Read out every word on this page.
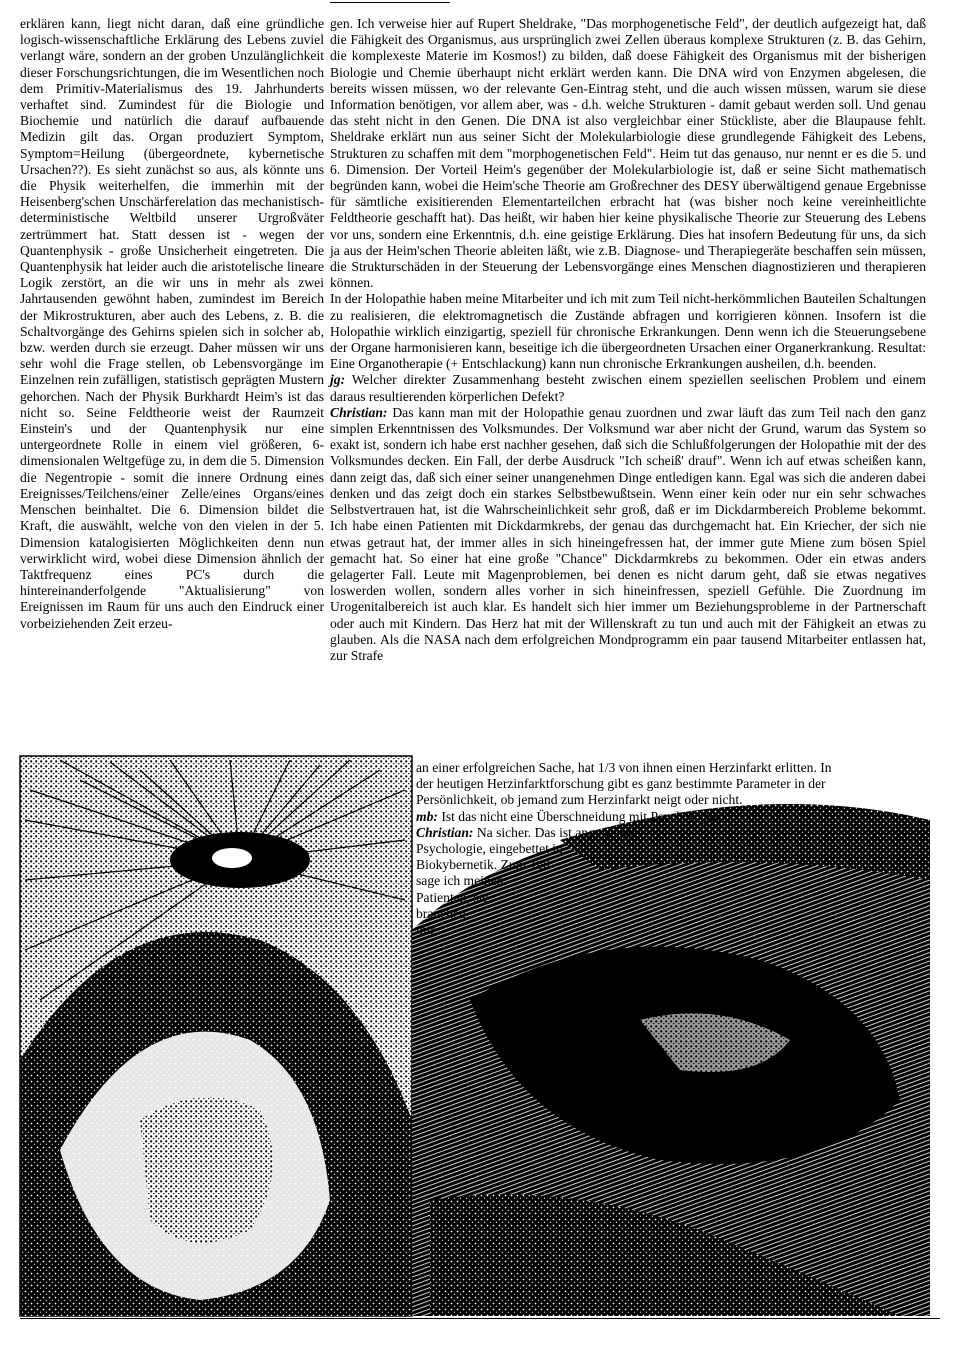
erklären kann, liegt nicht daran, daß eine gründliche logisch-wissenschaftliche Erklärung des Lebens zuviel verlangt wäre, sondern an der groben Unzulänglichkeit dieser Forschungsrichtungen, die im Wesentlichen noch dem Primitiv-Materialismus des 19. Jahrhunderts verhaftet sind. Zumindest für die Biologie und Biochemie und natürlich die darauf aufbauende Medizin gilt das. Organ produziert Symptom, Symptom=Heilung (übergeordnete, kybernetische Ursachen??). Es sieht zunächst so aus, als könnte uns die Physik weiterhelfen, die immerhin mit der Heisenberg'schen Unschärferelation das mechanistisch-deterministische Weltbild unserer Urgroßväter zertrümmert hat. Statt dessen ist - wegen der Quantenphysik - große Unsicherheit eingetreten. Die Quantenphysik hat leider auch die aristotelische lineare Logik zerstört, an die wir uns in mehr als zwei Jahrtausenden gewöhnt haben, zumindest im Bereich der Mikrostrukturen, aber auch des Lebens, z. B. die Schaltvorgänge des Gehirns spielen sich in solcher ab, bzw. werden durch sie erzeugt. Daher müssen wir uns sehr wohl die Frage stellen, ob Lebensvorgänge im Einzelnen rein zufälligen, statistisch geprägten Mustern gehorchen. Nach der Physik Burkhardt Heim's ist das nicht so. Seine Feldtheorie weist der Raumzeit Einstein's und der Quantenphysik nur eine untergeordnete Rolle in einem viel größeren, 6-dimensionalen Weltgefüge zu, in dem die 5. Dimension die Negentropie - somit die innere Ordnung eines Ereignisses/Teilchens/einer Zelle/eines Organs/eines Menschen beinhaltet. Die 6. Dimension bildet die Kraft, die auswählt, welche von den vielen in der 5. Dimension katalogisierten Möglichkeiten denn nun verwirklicht wird, wobei diese Dimension ähnlich der Taktfrequenz eines PC's durch die hintereinanderfolgende "Aktualisierung" von Ereignissen im Raum für uns auch den Eindruck einer vorbeiziehenden Zeit erzeu-

gen. Ich verweise hier auf Rupert Sheldrake, "Das morphogenetische Feld", der deutlich aufgezeigt hat, daß die Fähigkeit des Organismus, aus ursprünglich zwei Zellen überaus komplexe Strukturen (z. B. das Gehirn, die komplexeste Materie im Kosmos!) zu bilden, daß doese Fähigkeit des Organismus mit der bisherigen Biologie und Chemie überhaupt nicht erklärt werden kann. Die DNA wird von Enzymen abgelesen, die bereits wissen müssen, wo der relevante Gen-Eintrag steht, und die auch wissen müssen, warum sie diese Information benötigen, vor allem aber, was - d.h. welche Strukturen - damit gebaut werden soll. Und genau das steht nicht in den Genen. Die DNA ist also vergleichbar einer Stückliste, aber die Blaupause fehlt. Sheldrake erklärt nun aus seiner Sicht der Molekularbiologie diese grundlegende Fähigkeit des Lebens, Strukturen zu schaffen mit dem "morphogenetischen Feld". Heim tut das genauso, nur nennt er es die 5. und 6. Dimension. Der Vorteil Heim's gegenüber der Molekularbiologie ist, daß er seine Sicht mathematisch begründen kann, wobei die Heim'sche Theorie am Großrechner des DESY überwältigend genaue Ergebnisse für sämtliche exisitierenden Elementarteilchen erbracht hat (was bisher noch keine vereinheitlichte Feldtheorie geschafft hat). Das heißt, wir haben hier keine physikalische Theorie zur Steuerung des Lebens vor uns, sondern eine Erkenntnis, d.h. eine geistige Erklärung. Dies hat insofern Bedeutung für uns, da sich ja aus der Heim'schen Theorie ableiten läßt, wie z.B. Diagnose- und Therapiegeräte beschaffen sein müssen, die Strukturschäden in der Steuerung der Lebensvorgänge eines Menschen diagnostizieren und therapieren können.

In der Holopathie haben meine Mitarbeiter und ich mit zum Teil nicht-herkömmlichen Bauteilen Schaltungen zu realisieren, die elektromagnetisch die Zustände abfragen und korrigieren können. Insofern ist die Holopathie wirklich einzigartig, speziell für chronische Erkrankungen. Denn wenn ich die Steuerungsebene der Organe harmonisieren kann, beseitige ich die übergeordneten Ursachen einer Organerkrankung. Resultat: Eine Organotherapie (+ Entschlackung) kann nun chronische Erkrankungen ausheilen, d.h. beenden.

jg: Welcher direkter Zusammenhang besteht zwischen einem speziellen seelischen Problem und einem daraus resultierenden körperlichen Defekt?

Christian: Das kann man mit der Holopathie genau zuordnen und zwar läuft das zum Teil nach den ganz simplen Erkenntnissen des Volksmundes. Der Volksmund war aber nicht der Grund, warum das System so exakt ist, sondern ich habe erst nachher gesehen, daß sich die Schlußfolgerungen der Holopathie mit der des Volksmundes decken. Ein Fall, der derbe Ausdruck "Ich scheiß' drauf". Wenn ich auf etwas scheißen kann, dann zeigt das, daß sich einer seiner unangenehmen Dinge entledigen kann. Egal was sich die anderen dabei denken und das zeigt doch ein starkes Selbstbewußtsein. Wenn einer kein oder nur ein sehr schwaches Selbstvertrauen hat, ist die Wahrscheinlichkeit sehr groß, daß er im Dickdarmbereich Probleme bekommt. Ich habe einen Patienten mit Dickdarmkrebs, der genau das durchgemacht hat. Ein Kriecher, der sich nie etwas getraut hat, der immer alles in sich hineingefressen hat, der immer gute Miene zum bösen Spiel gemacht hat. So einer hat eine große "Chance" Dickdarmkrebs zu bekommen. Oder ein etwas anders gelagerter Fall. Leute mit Magenproblemen, bei denen es nicht darum geht, daß sie etwas negatives loswerden wollen, sondern alles vorher in sich hineinfressen, speziell Gefühle. Die Zuordnung im Urogenitalbereich ist auch klar. Es handelt sich hier immer um Beziehungsprobleme in der Partnerschaft oder auch mit Kindern. Das Herz hat mit der Willenskraft zu tun und auch mit der Fähigkeit an etwas zu glauben. Als die NASA nach dem erfolgreichen Mondprogramm ein paar tausend Mitarbeiter entlassen hat, zur Strafe

an einer erfolgreichen Sache, hat 1/3 von ihnen einen Herzinfarkt erlitten. In
der heutigen Herzinfarktforschung gibt es ganz bestimmte Parameter in der
Persönlichkeit, ob jemand zum Herzinfarkt neigt oder nicht.
mb: Ist das nicht eine Überschneidung mit Psychologie?
Christian: Na sicher. Das ist angewandte
Psychologie, eingebettet in
Biokybernetik. Zum Teil
sage ich meinen
Patienten, sie
brauchen
mir
